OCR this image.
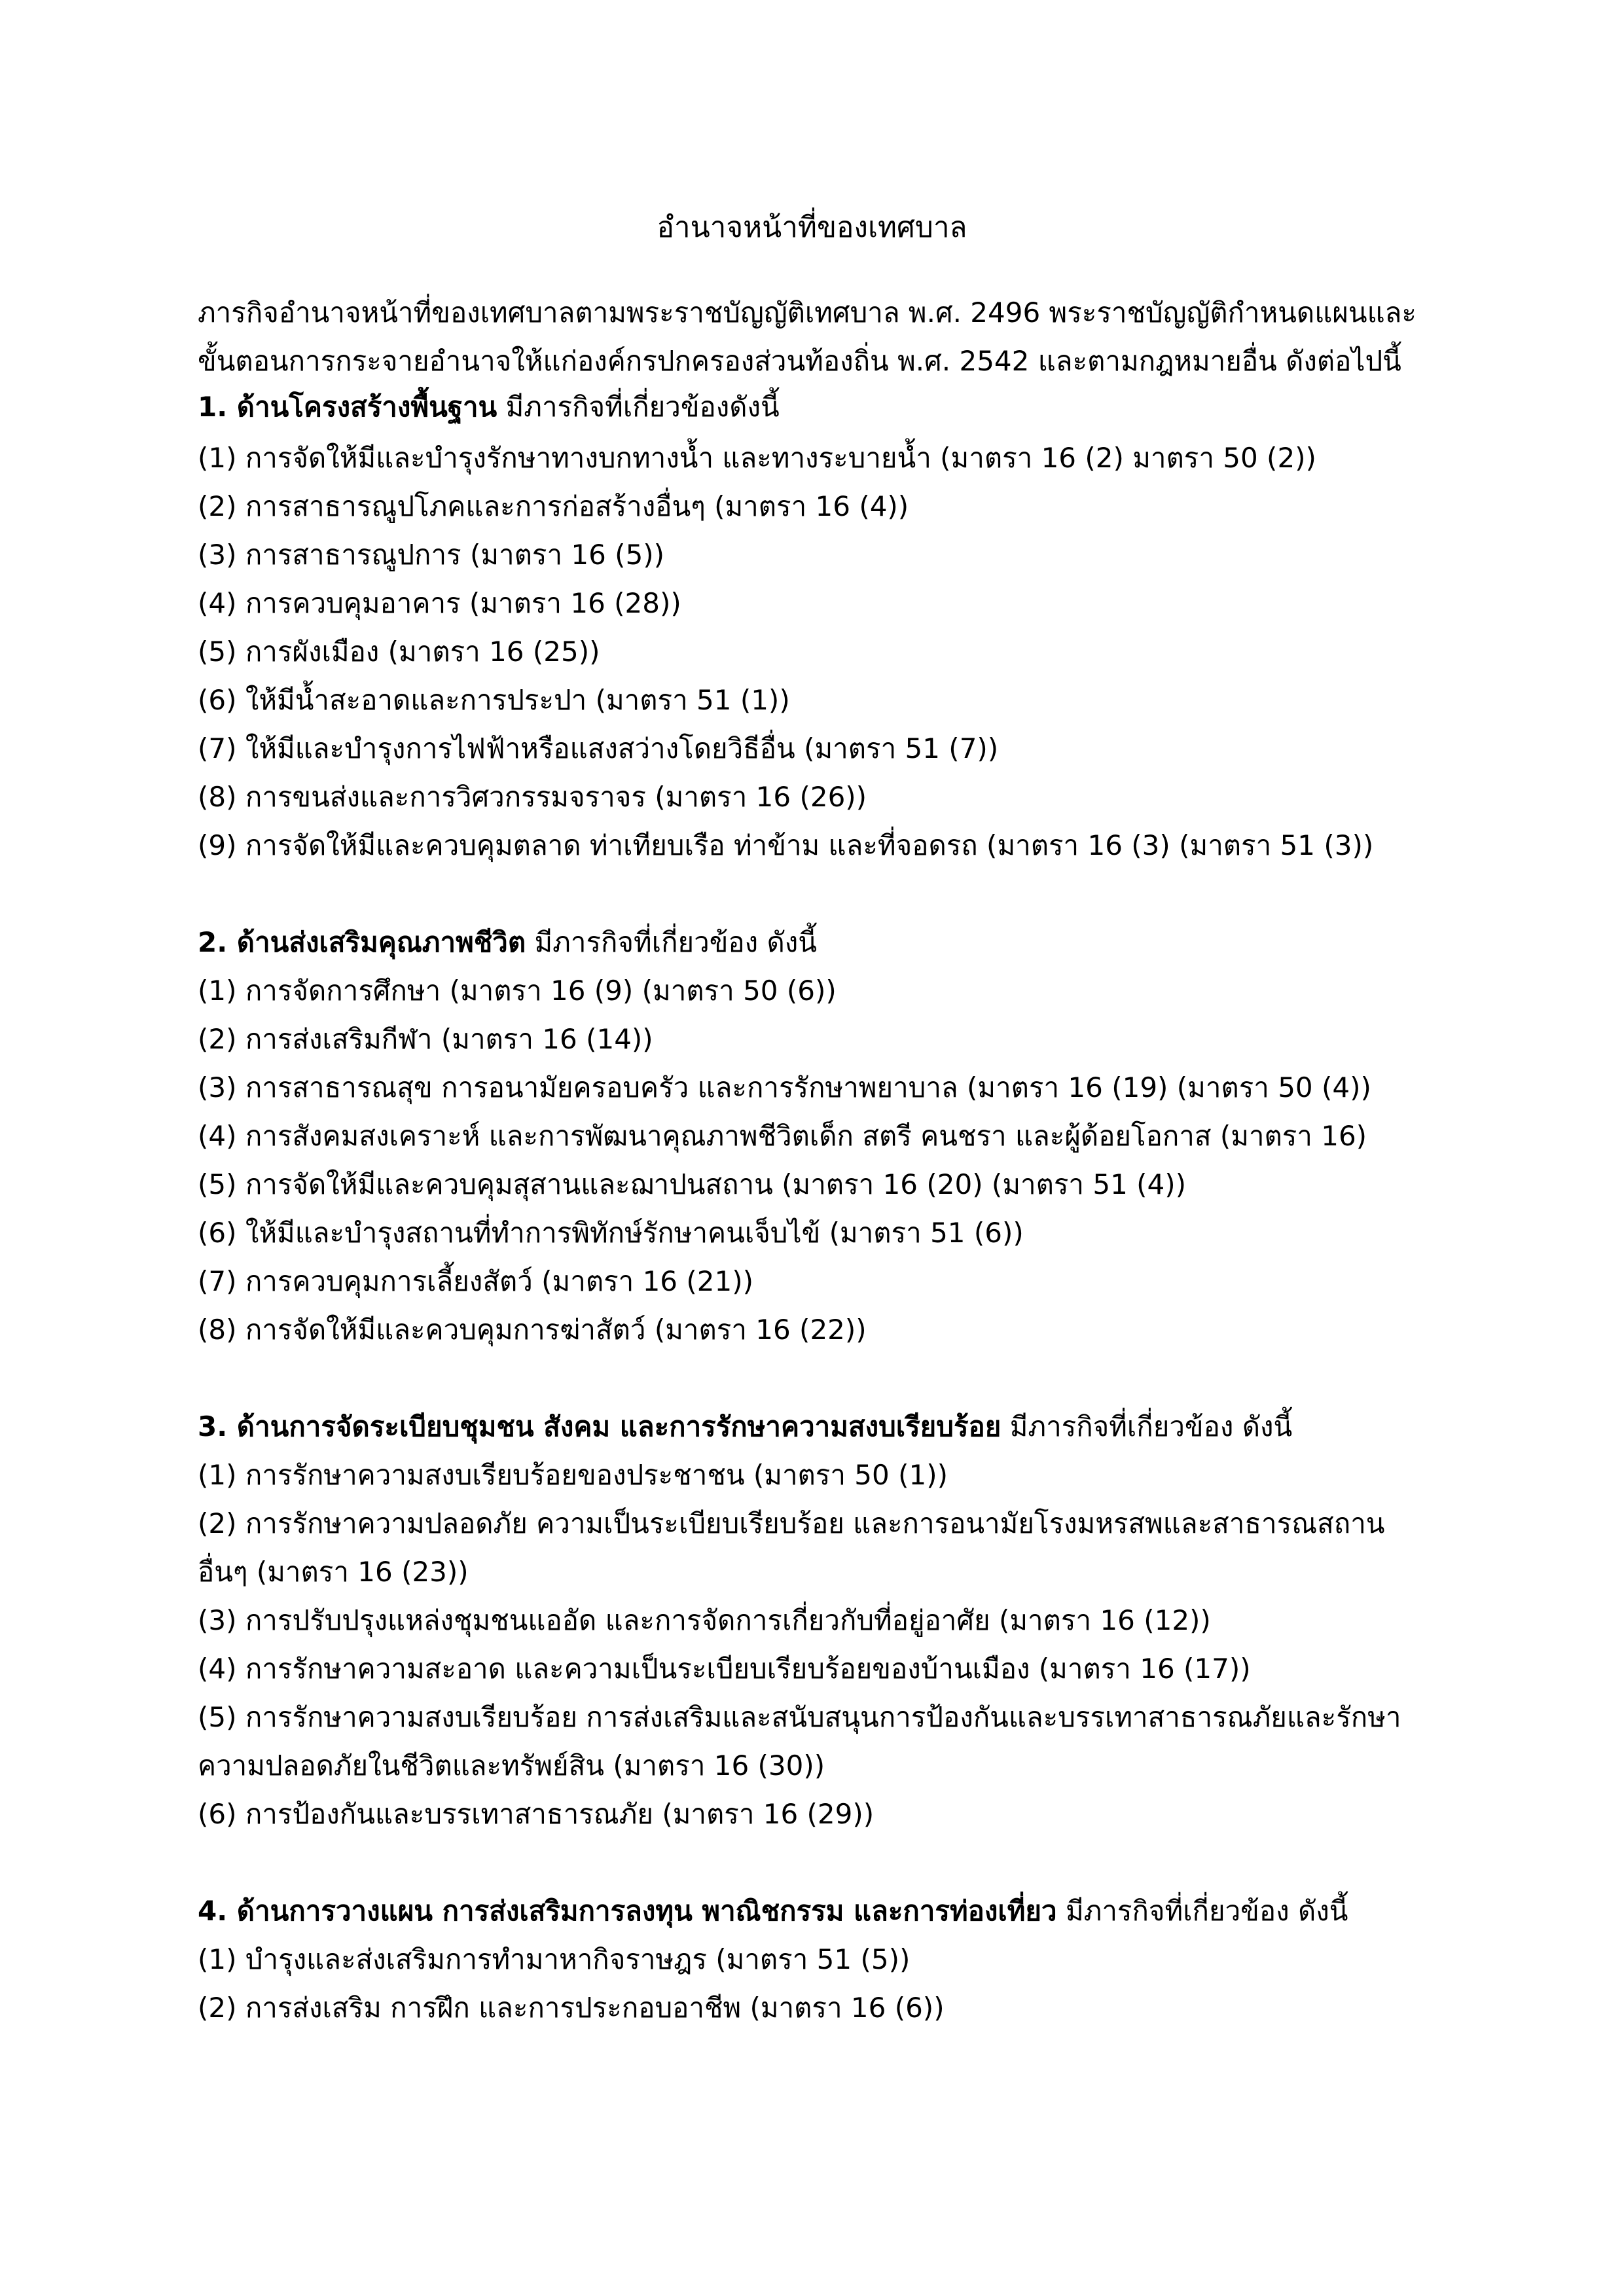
อำนาจหน้าที่ของเทศบาล

ภารกิจอำนาจหน้าที่ของเทศบาลตามพระราชบัญญัติเทศบาล พ.ศ. 2496 พระราชบัญญัติกำหนดแผนและ

ขั้นตอนการกระจายอำนาจให้แก่องค์กรปกครองส่วนท้องถิ่น พ.ศ. 2542 และตามกฎหมายอื่น ดังต่อไปนี้

1. ด้านโครงสร้างพื้นฐาน มีภารกิจที่เกี่ยวข้องดังนี้

(1) การจัดให้มีและบำรุงรักษาทางบกทางน้ำ และทางระบายน้ำ (มาตรา 16 (2) มาตรา 50 (2))

(2) การสาธารณูปโภคและการก่อสร้างอื่นๆ (มาตรา 16 (4))

(3) การสาธารณูปการ (มาตรา 16 (5))

(4) การควบคุมอาคาร (มาตรา 16 (28))

(5) การผังเมือง (มาตรา 16 (25))

(6) ให้มีน้ำสะอาดและการประปา (มาตรา 51 (1))

(7) ให้มีและบำรุงการไฟฟ้าหรือแสงสว่างโดยวิธีอื่น (มาตรา 51 (7))

(8) การขนส่งและการวิศวกรรมจราจร (มาตรา 16 (26))

(9) การจัดให้มีและควบคุมตลาด ท่าเทียบเรือ ท่าข้าม และที่จอดรถ (มาตรา 16 (3) (มาตรา 51 (3))

2. ด้านส่งเสริมคุณภาพชีวิต มีภารกิจที่เกี่ยวข้อง ดังนี้

(1) การจัดการศึกษา (มาตรา 16 (9) (มาตรา 50 (6))

(2) การส่งเสริมกีฬา (มาตรา 16 (14))

(3) การสาธารณสุข การอนามัยครอบครัว และการรักษาพยาบาล (มาตรา 16 (19) (มาตรา 50 (4))

(4) การสังคมสงเคราะห์ และการพัฒนาคุณภาพชีวิตเด็ก สตรี คนชรา และผู้ด้อยโอกาส (มาตรา 16)

(5) การจัดให้มีและควบคุมสุสานและฌาปนสถาน (มาตรา 16 (20) (มาตรา 51 (4))

(6) ให้มีและบำรุงสถานที่ทำการพิทักษ์รักษาคนเจ็บไข้ (มาตรา 51 (6))

(7) การควบคุมการเลี้ยงสัตว์ (มาตรา 16 (21))

(8) การจัดให้มีและควบคุมการฆ่าสัตว์ (มาตรา 16 (22))

3. ด้านการจัดระเบียบชุมชน สังคม และการรักษาความสงบเรียบร้อย มีภารกิจที่เกี่ยวข้อง ดังนี้

(1) การรักษาความสงบเรียบร้อยของประชาชน (มาตรา 50 (1))

(2) การรักษาความปลอดภัย ความเป็นระเบียบเรียบร้อย และการอนามัยโรงมหรสพและสาธารณสถาน

อื่นๆ (มาตรา 16 (23))

(3) การปรับปรุงแหล่งชุมชนแออัด และการจัดการเกี่ยวกับที่อยู่อาศัย (มาตรา 16 (12))

(4) การรักษาความสะอาด และความเป็นระเบียบเรียบร้อยของบ้านเมือง (มาตรา 16 (17))

(5) การรักษาความสงบเรียบร้อย การส่งเสริมและสนับสนุนการป้องกันและบรรเทาสาธารณภัยและรักษา

ความปลอดภัยในชีวิตและทรัพย์สิน (มาตรา 16 (30))

(6) การป้องกันและบรรเทาสาธารณภัย (มาตรา 16 (29))

4. ด้านการวางแผน การส่งเสริมการลงทุน พาณิชกรรม และการท่องเที่ยว มีภารกิจที่เกี่ยวข้อง ดังนี้

(1) บำรุงและส่งเสริมการทำมาหากิจราษฎร (มาตรา 51 (5))

(2) การส่งเสริม การฝึก และการประกอบอาชีพ (มาตรา 16 (6))
